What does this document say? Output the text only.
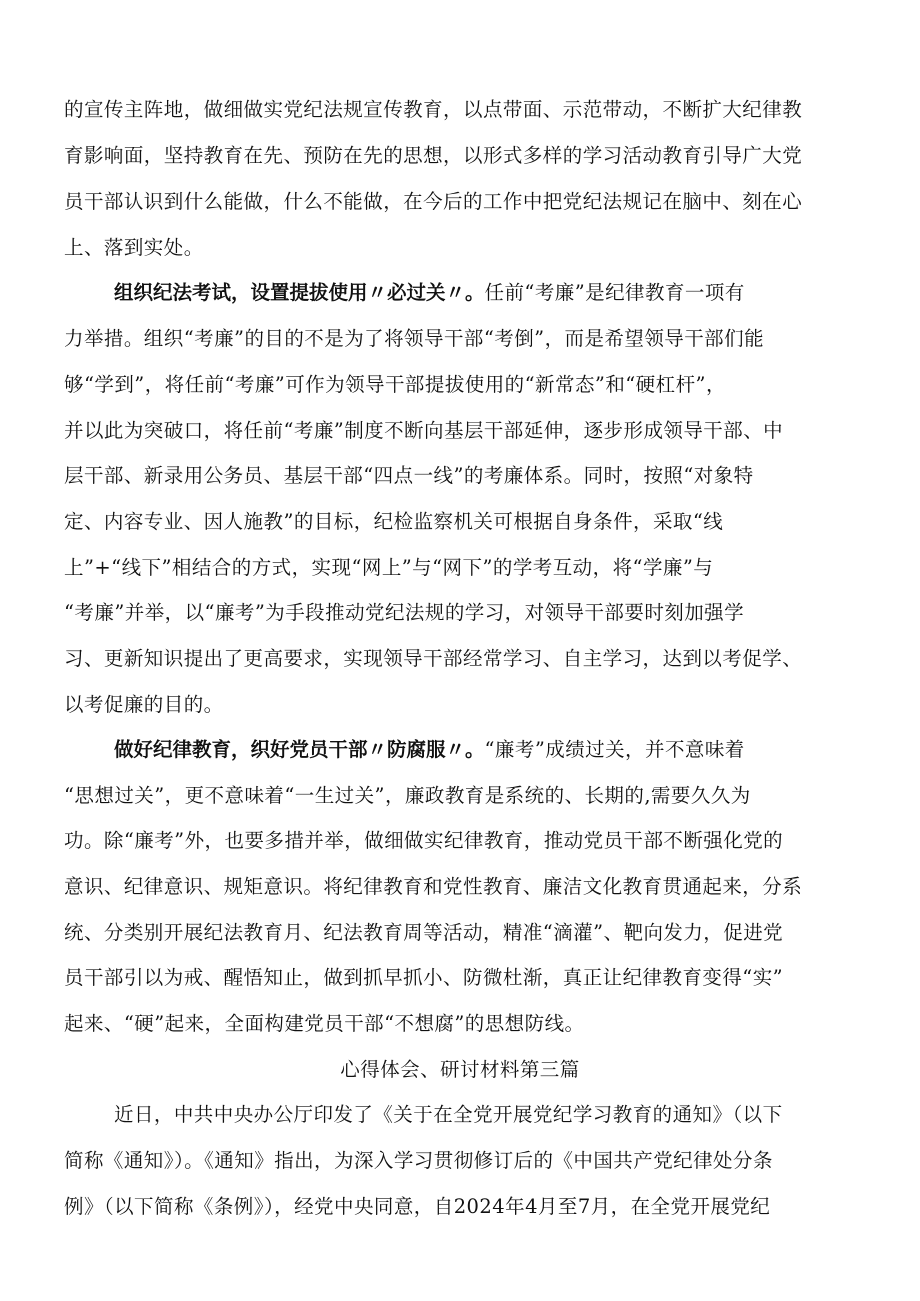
的宣传主阵地，做细做实党纪法规宣传教育，以点带面、示范带动，不断扩大纪律教
育影响面，坚持教育在先、预防在先的思想，以形式多样的学习活动教育引导广大党
员干部认识到什么能做，什么不能做，在今后的工作中把党纪法规记在脑中、刻在心
上、落到实处。
组织纪法考试，设置提拔使用〃必过关〃。任前“考廉”是纪律教育一项有
力举措。组织“考廉”的目的不是为了将领导干部“考倒”，而是希望领导干部们能
够“学到”，将任前“考廉”可作为领导干部提拔使用的“新常态”和“硬杠杆”，
并以此为突破口，将任前“考廉”制度不断向基层干部延伸，逐步形成领导干部、中
层干部、新录用公务员、基层干部“四点一线”的考廉体系。同时，按照“对象特
定、内容专业、因人施教”的目标，纪检监察机关可根据自身条件，采取“线
上”+“线下”相结合的方式，实现“网上”与“网下”的学考互动，将“学廉”与
“考廉”并举，以“廉考”为手段推动党纪法规的学习，对领导干部要时刻加强学
习、更新知识提出了更高要求，实现领导干部经常学习、自主学习，达到以考促学、
以考促廉的目的。
做好纪律教育，织好党员干部〃防腐服〃。“廉考”成绩过关，并不意味着
“思想过关”，更不意味着“一生过关”，廉政教育是系统的、长期的,需要久久为
功。除“廉考”外，也要多措并举，做细做实纪律教育，推动党员干部不断强化党的
意识、纪律意识、规矩意识。将纪律教育和党性教育、廉洁文化教育贯通起来，分系
统、分类别开展纪法教育月、纪法教育周等活动，精准“滴灌”、靶向发力，促进党
员干部引以为戒、醒悟知止，做到抓早抓小、防微杜渐，真正让纪律教育变得“实”
起来、“硬”起来，全面构建党员干部“不想腐”的思想防线。
心得体会、研讨材料第三篇
近日，中共中央办公厅印发了《关于在全党开展党纪学习教育的通知》（以下
简称《通知》）。《通知》指出，为深入学习贯彻修订后的《中国共产党纪律处分条
例》（以下简称《条例》），经党中央同意，自2024年4月至7月，在全党开展党纪
